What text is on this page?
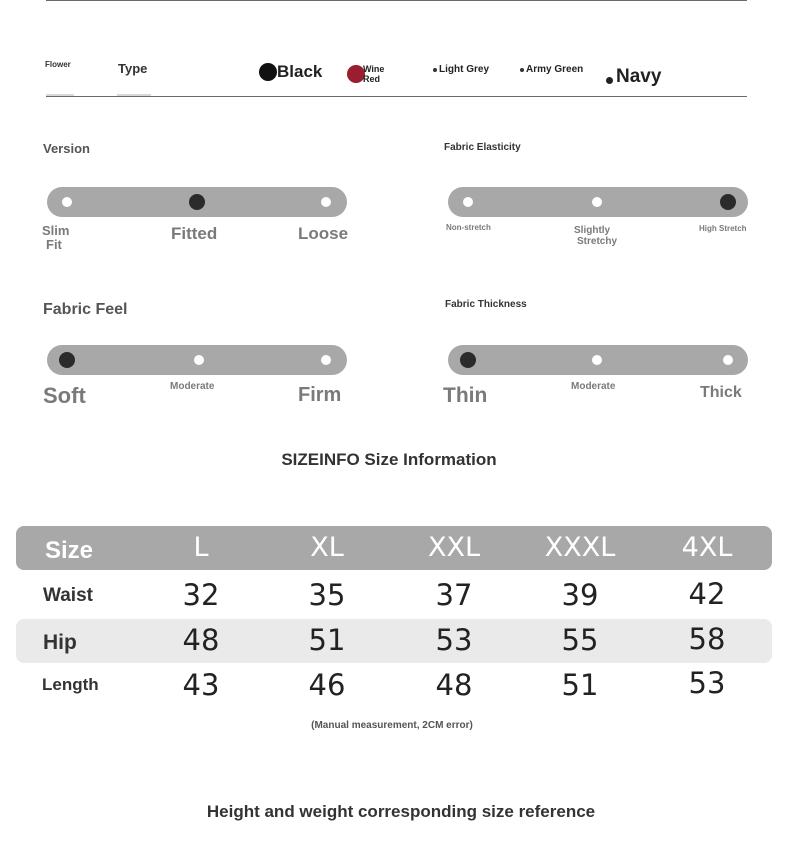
Flower	Type	Black	Wine
Red
Light Grey	Army Green Navy
Version
Slim
Fit
Fitted	Loose
Fabric Elasticity
Non-stretch	Slightly
Stretchy
High Stretch
Fabric Feel
Soft	Moderate	Firm
Fabric Thickness
Thin	Moderate	Thick
SIZEINFO Size Information
Size	L	XL	XXL	XXXL	4XL
Waist	32	35	37	39	42
Hip	48	51	53	55	58
Length	43	46	48	51	53
(Manual measurement, 2CM error)
Height and weight corresponding size reference
